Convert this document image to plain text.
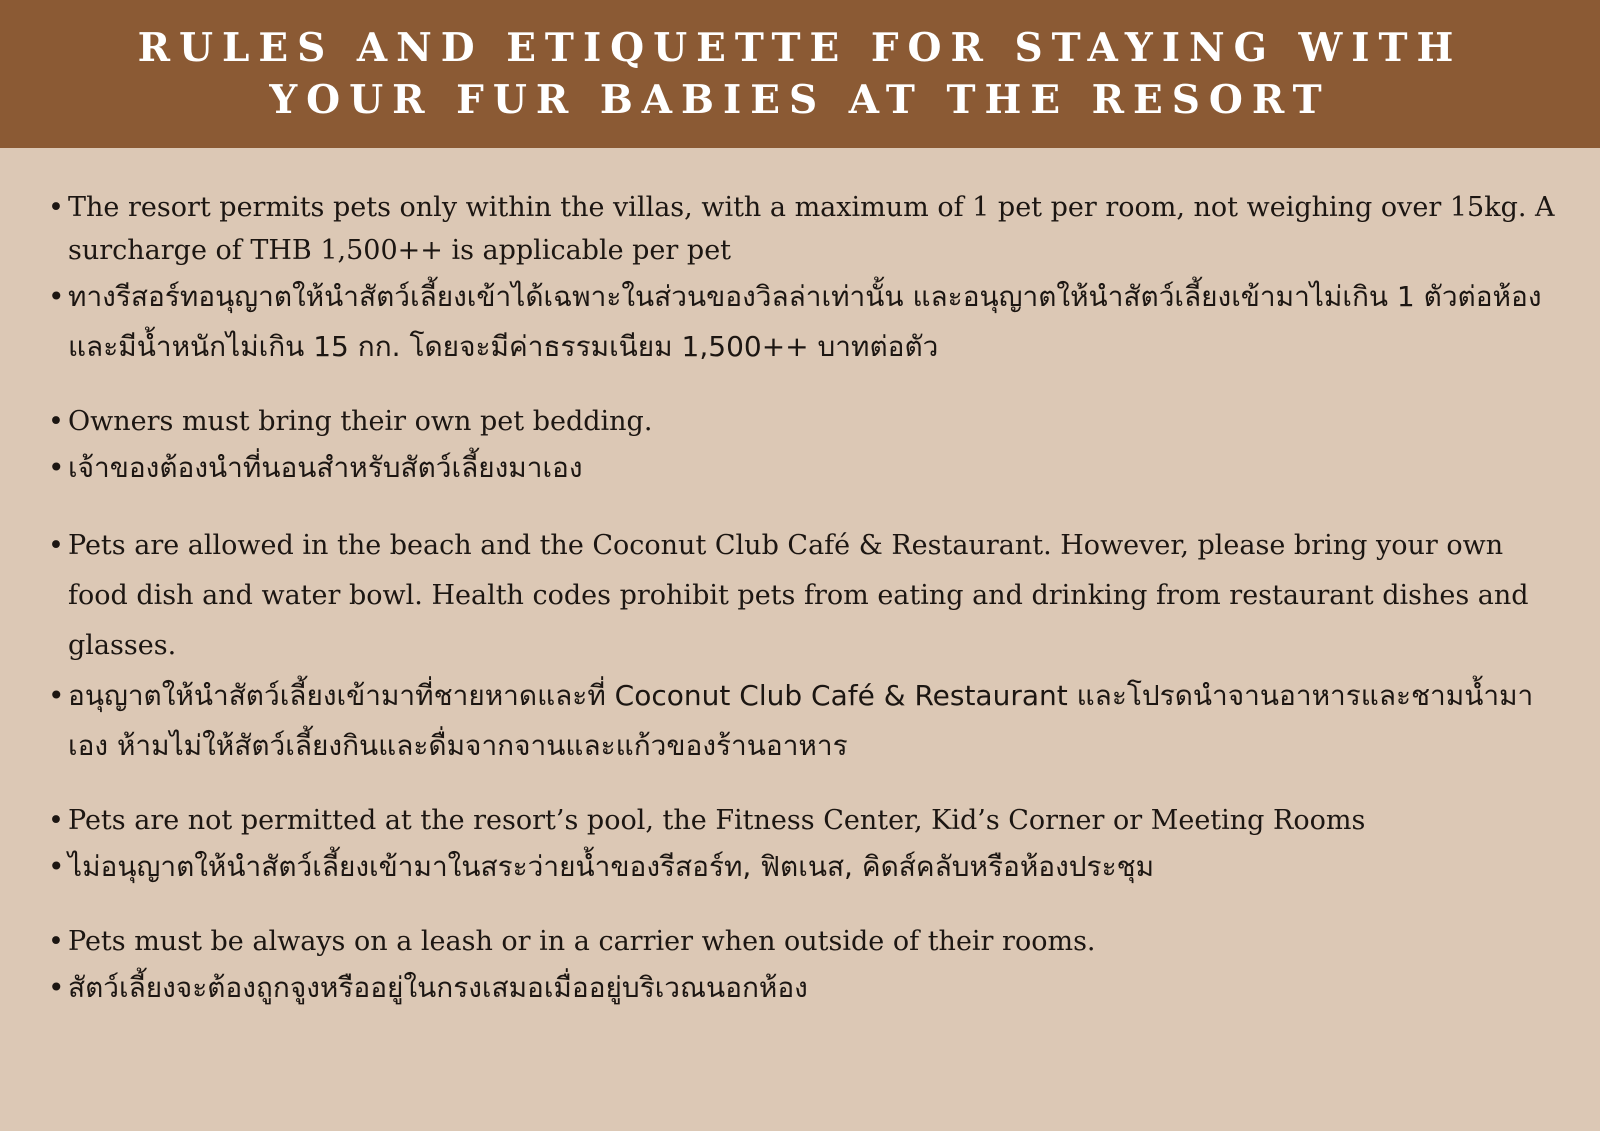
RULES AND ETIQUETTE FOR STAYING WITH YOUR FUR BABIES AT THE RESORT

• The resort permits pets only within the villas, with a maximum of 1 pet per room, not weighing over 15kg. A surcharge of THB 1,500++ is applicable per pet

• ทางรีสอร์ทอนุญาตให้นำสัตว์เลี้ยงเข้าได้เฉพาะในส่วนของวิลล่าเท่านั้น และอนุญาตให้นำสัตว์เลี้ยงเข้ามาไม่เกิน 1 ตัวต่อห้อง และมีน้ำหนักไม่เกิน 15 กก. โดยจะมีค่าธรรมเนียม 1,500++ บาทต่อตัว

• Owners must bring their own pet bedding.

• เจ้าของต้องนำที่นอนสำหรับสัตว์เลี้ยงมาเอง

• Pets are allowed in the beach and the Coconut Club Café & Restaurant. However, please bring your own food dish and water bowl. Health codes prohibit pets from eating and drinking from restaurant dishes and glasses.

• อนุญาตให้นำสัตว์เลี้ยงเข้ามาที่ชายหาดและที่ Coconut Club Café & Restaurant และโปรดนำจานอาหารและชามน้ำมาเอง ห้ามไม่ให้สัตว์เลี้ยงกินและดื่มจากจานและแก้วของร้านอาหาร

• Pets are not permitted at the resort’s pool, the Fitness Center, Kid’s Corner or Meeting Rooms

• ไม่อนุญาตให้นำสัตว์เลี้ยงเข้ามาในสระว่ายน้ำของรีสอร์ท, ฟิตเนส, คิดส์คลับหรือห้องประชุม

• Pets must be always on a leash or in a carrier when outside of their rooms.

• สัตว์เลี้ยงจะต้องถูกจูงหรืออยู่ในกรงเสมอเมื่ออยู่บริเวณนอกห้อง
